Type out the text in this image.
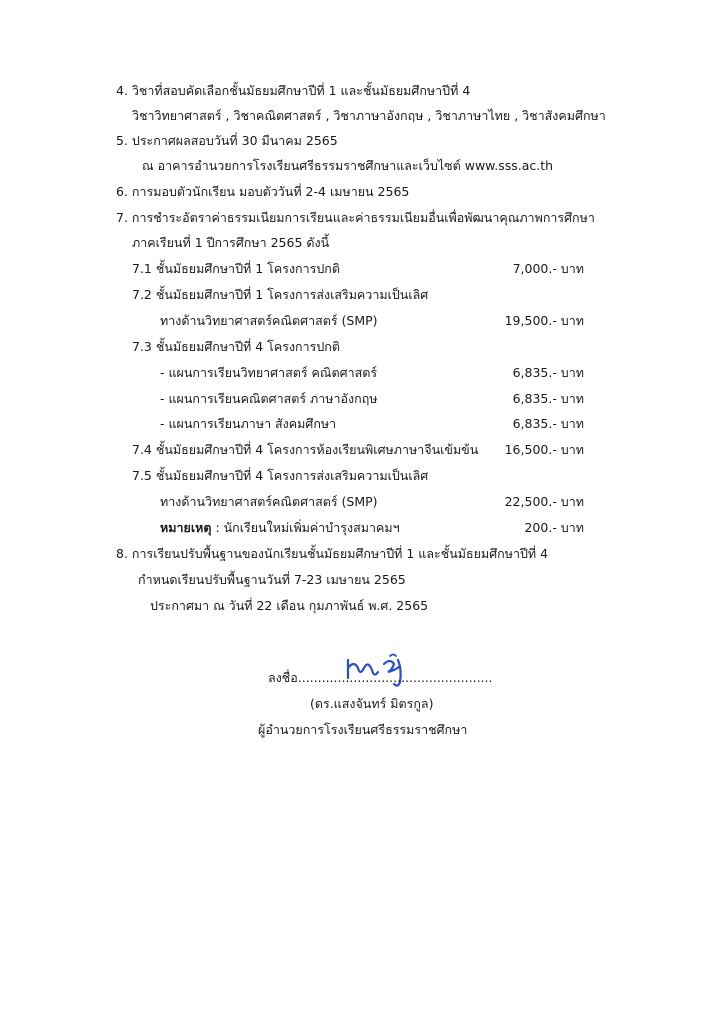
4. วิชาที่สอบคัดเลือกชั้นมัธยมศึกษาปีที่ 1 และชั้นมัธยมศึกษาปีที่ 4
วิชาวิทยาศาสตร์ , วิชาคณิตศาสตร์ , วิชาภาษาอังกฤษ , วิชาภาษาไทย , วิชาสังคมศึกษา
5. ประกาศผลสอบวันที่ 30 มีนาคม 2565
ณ อาคารอำนวยการโรงเรียนศรีธรรมราชศึกษาและเว็บไซต์ www.sss.ac.th
6. การมอบตัวนักเรียน มอบตัววันที่ 2-4 เมษายน 2565
7. การชำระอัตราค่าธรรมเนียมการเรียนและค่าธรรมเนียมอื่นเพื่อพัฒนาคุณภาพการศึกษา
ภาคเรียนที่ 1 ปีการศึกษา 2565 ดังนี้
7.1 ชั้นมัธยมศึกษาปีที่ 1 โครงการปกติ	7,000.- บาท
7.2 ชั้นมัธยมศึกษาปีที่ 1 โครงการส่งเสริมความเป็นเลิศ
ทางด้านวิทยาศาสตร์คณิตศาสตร์ (SMP)	19,500.- บาท
7.3 ชั้นมัธยมศึกษาปีที่ 4 โครงการปกติ
- แผนการเรียนวิทยาศาสตร์ คณิตศาสตร์	6,835.- บาท
- แผนการเรียนคณิตศาสตร์ ภาษาอังกฤษ	6,835.- บาท
- แผนการเรียนภาษา สังคมศึกษา	6,835.- บาท
7.4 ชั้นมัธยมศึกษาปีที่ 4 โครงการห้องเรียนพิเศษภาษาจีนเข้มข้น 16,500.- บาท
7.5 ชั้นมัธยมศึกษาปีที่ 4 โครงการส่งเสริมความเป็นเลิศ
ทางด้านวิทยาศาสตร์คณิตศาสตร์ (SMP)	22,500.- บาท
หมายเหตุ : นักเรียนใหม่เพิ่มค่าบำรุงสมาคมฯ	200.- บาท
8. การเรียนปรับพื้นฐานของนักเรียนชั้นมัธยมศึกษาปีที่ 1 และชั้นมัธยมศึกษาปีที่ 4
กำหนดเรียนปรับพื้นฐานวันที่ 7-23 เมษายน 2565
ประกาศมา ณ วันที่ 22 เดือน กุมภาพันธ์ พ.ศ. 2565
ลงชื่อ.................................................
(ดร.แสงจันทร์ มิตรกูล)
ผู้อำนวยการโรงเรียนศรีธรรมราชศึกษา
